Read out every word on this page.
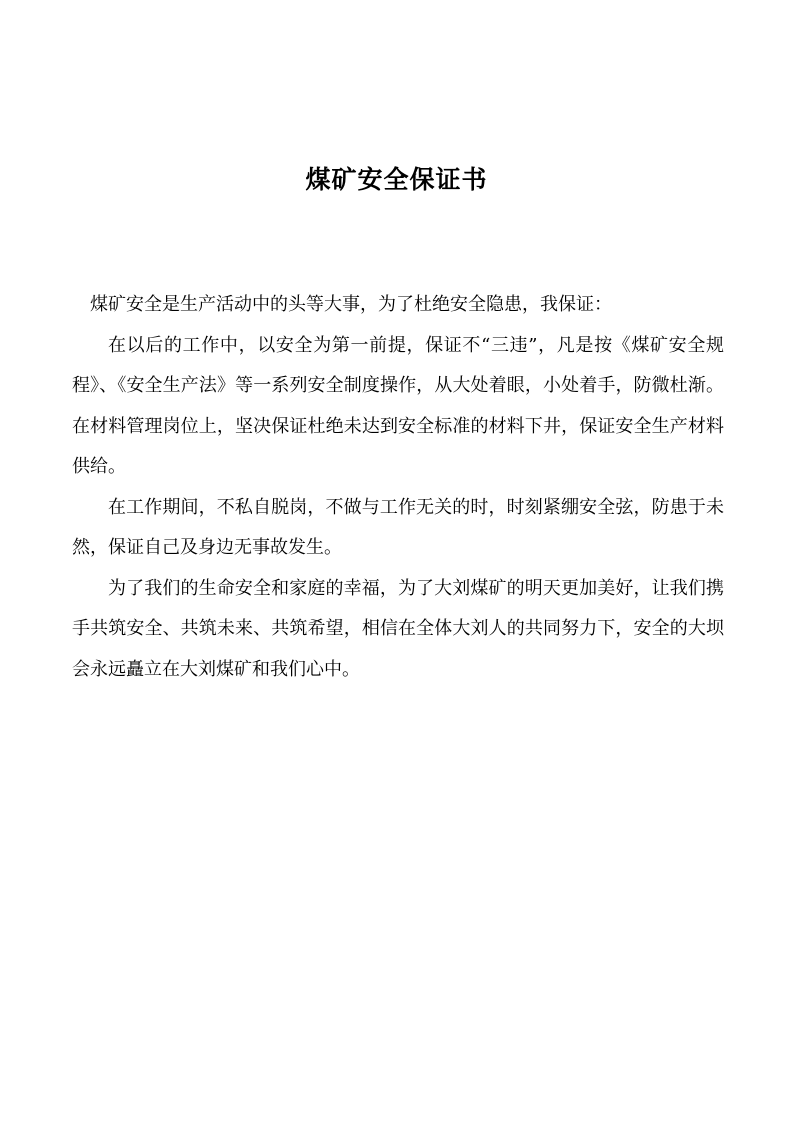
煤矿安全保证书

煤矿安全是生产活动中的头等大事，为了杜绝安全隐患，我保证：

在以后的工作中，以安全为第一前提，保证不“三违”，凡是按《煤矿安全规程》、《安全生产法》等一系列安全制度操作，从大处着眼，小处着手，防微杜渐。在材料管理岗位上，坚决保证杜绝未达到安全标准的材料下井，保证安全生产材料供给。

在工作期间，不私自脱岗，不做与工作无关的时，时刻紧绷安全弦，防患于未然，保证自己及身边无事故发生。

为了我们的生命安全和家庭的幸福，为了大刘煤矿的明天更加美好，让我们携手共筑安全、共筑未来、共筑希望，相信在全体大刘人的共同努力下，安全的大坝会永远矗立在大刘煤矿和我们心中。
